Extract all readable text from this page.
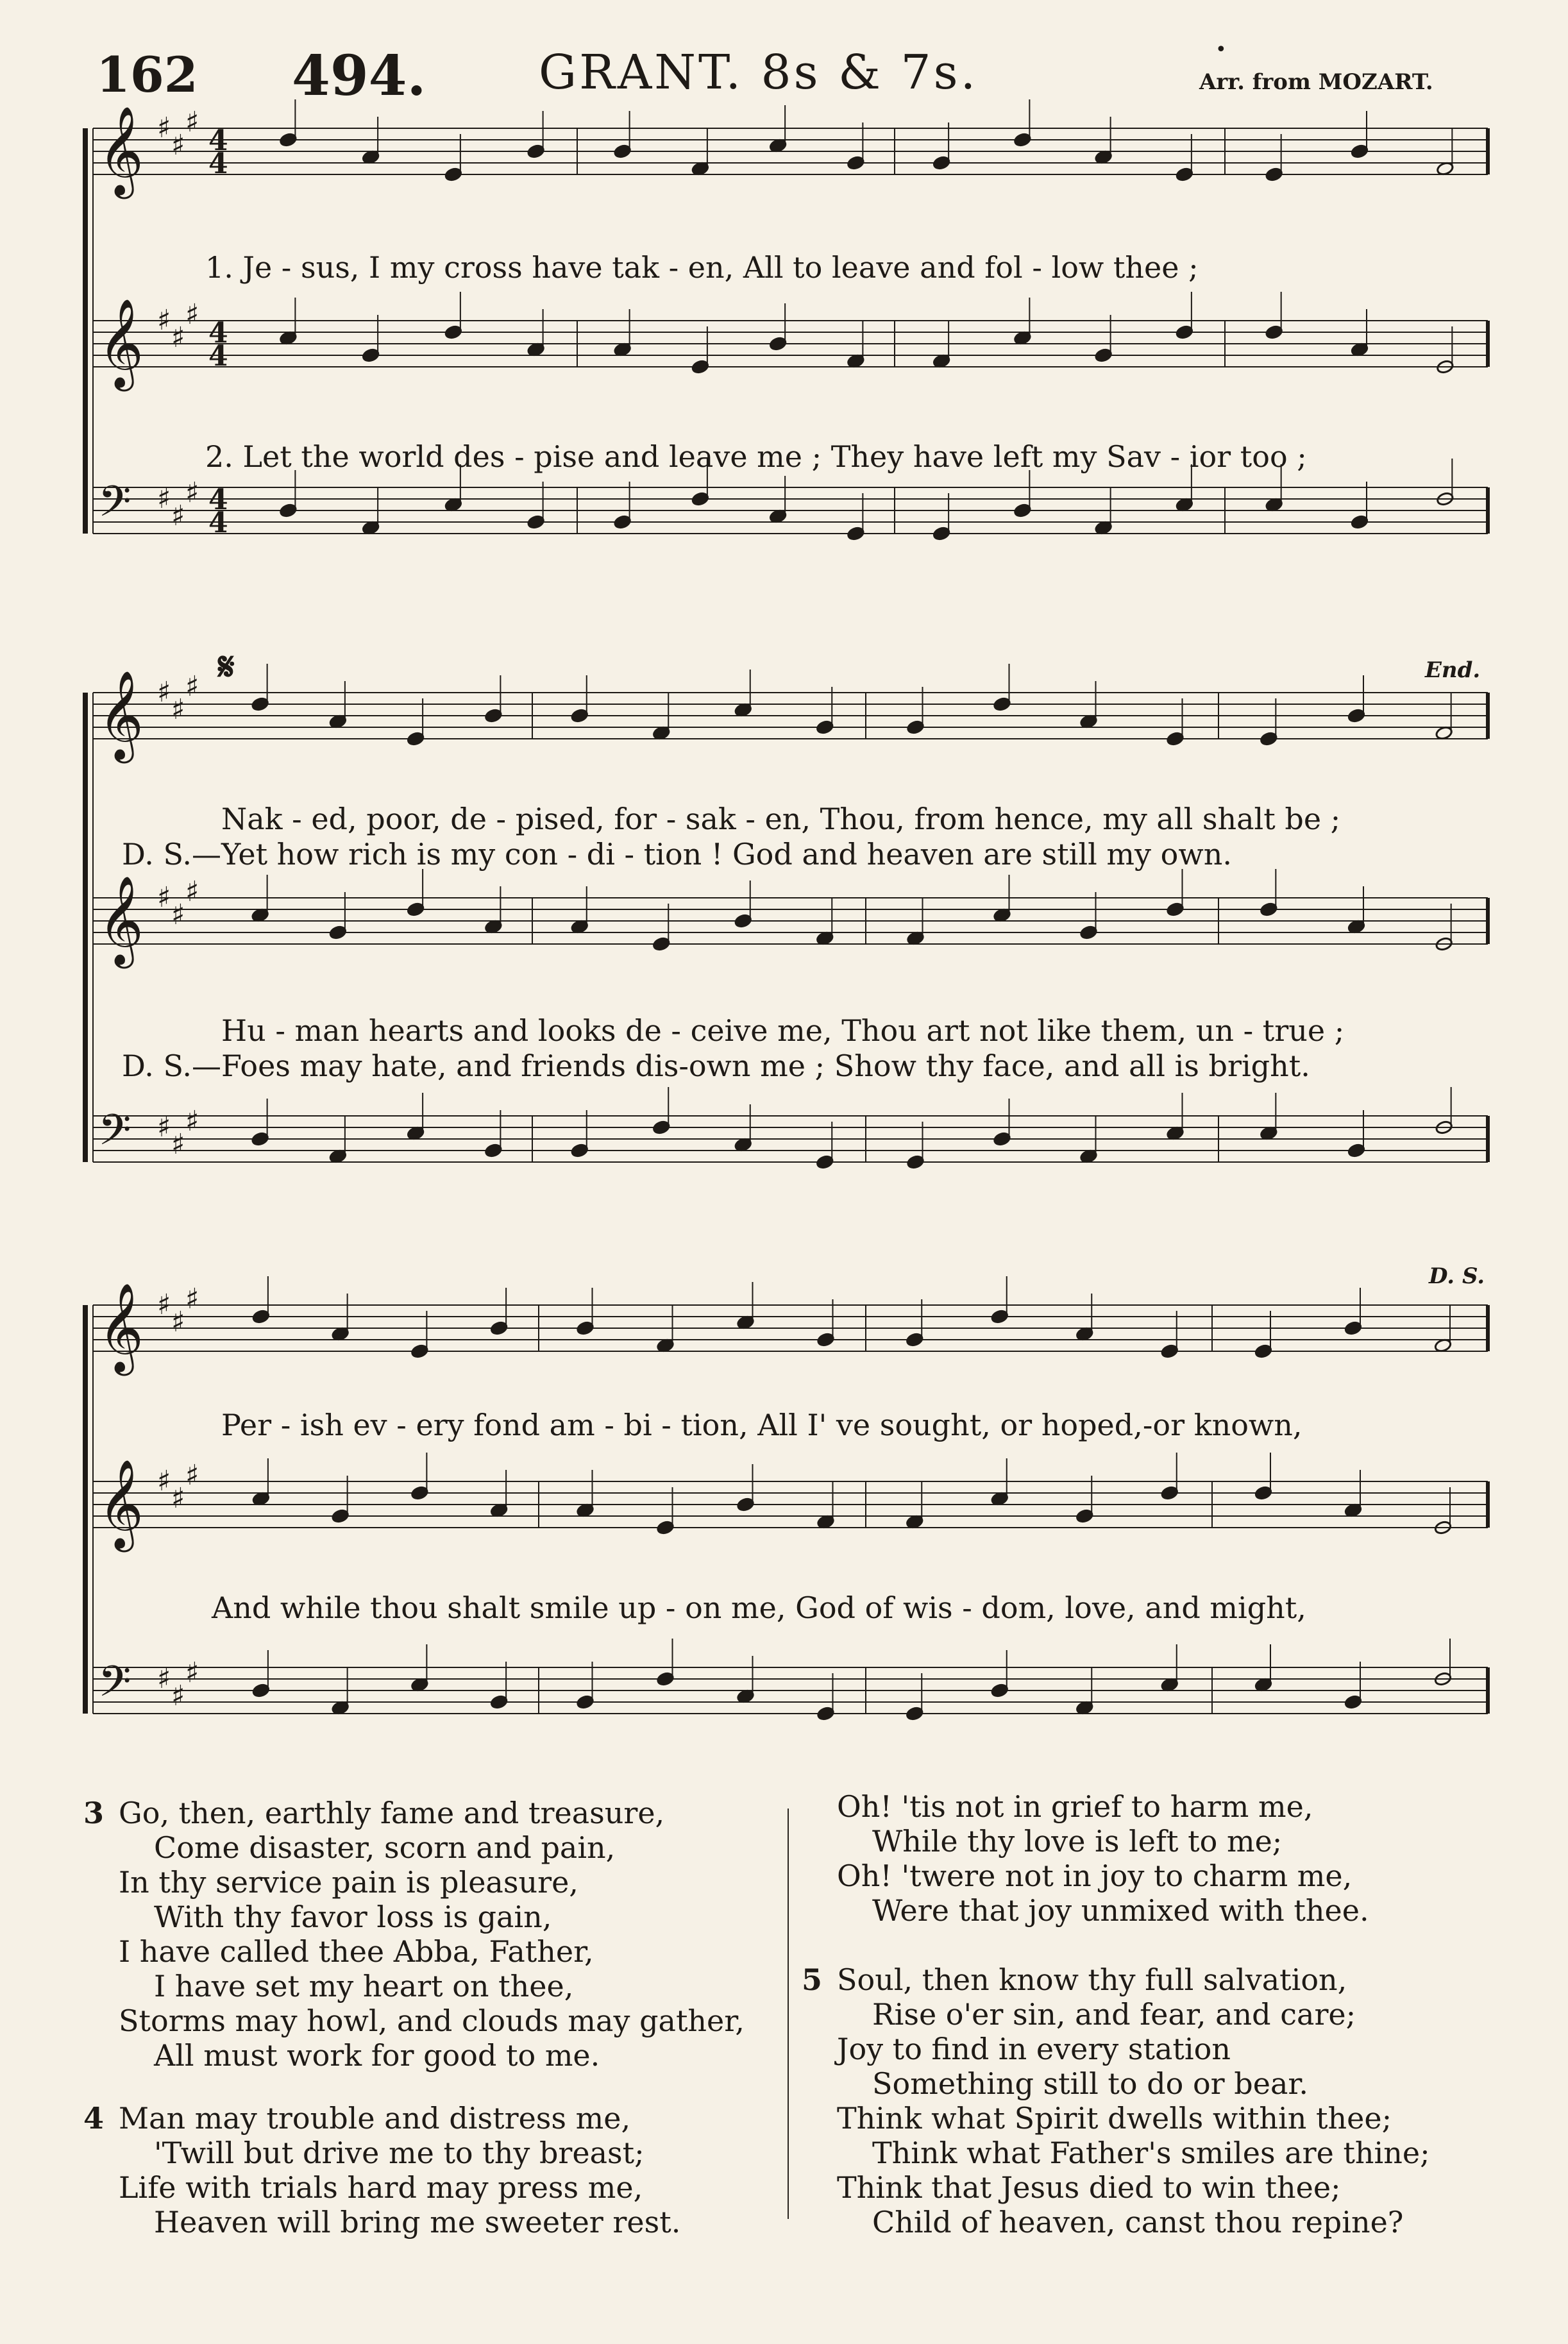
162 494. GRANT. 8s & 7s.	•
Arr. from MOZART.
𝄞 ♯
♯
♯
4
4
𝄞 ♯
♯
♯
4
4
𝄢 ♯
♯
♯ 4
4
1. Je - sus, I my cross have tak - en, All to leave and fol - low thee ;
2. Let the world des - pise and leave me ; They have left my Sav - ior too ;
𝄞 ♯
♯
♯
𝄞 ♯
♯
♯
𝄢 ♯
♯
♯
𝄋	End.
Nak - ed, poor, de - pised, for - sak - en, Thou, from hence, my all shalt be ;
D. S.—Yet how rich is my con - di - tion ! God and heaven are still my own.
Hu - man hearts and looks de - ceive me, Thou art not like them, un - true ;
D. S.—Foes may hate, and friends dis-own me ; Show thy face, and all is bright.
𝄞 ♯
♯
♯
𝄞 ♯
♯
♯
𝄢 ♯
♯
♯
D. S.
Per - ish ev - ery fond am - bi - tion, All I' ve sought, or hoped,-or known,
And while thou shalt smile up - on me, God of wis - dom, love, and might,
3 Go, then, earthly fame and treasure,
Come disaster, scorn and pain,
In thy service pain is pleasure,
With thy favor loss is gain,
I have called thee Abba, Father,
I have set my heart on thee,
Storms may howl, and clouds may gather,
All must work for good to me.
4 Man may trouble and distress me,
'Twill but drive me to thy breast;
Life with trials hard may press me,
Heaven will bring me sweeter rest.
Oh! 'tis not in grief to harm me,
While thy love is left to me;
Oh! 'twere not in joy to charm me,
Were that joy unmixed with thee.
5 Soul, then know thy full salvation,
Rise o'er sin, and fear, and care;
Joy to find in every station
Something still to do or bear.
Think what Spirit dwells within thee;
Think what Father's smiles are thine;
Think that Jesus died to win thee;
Child of heaven, canst thou repine?
